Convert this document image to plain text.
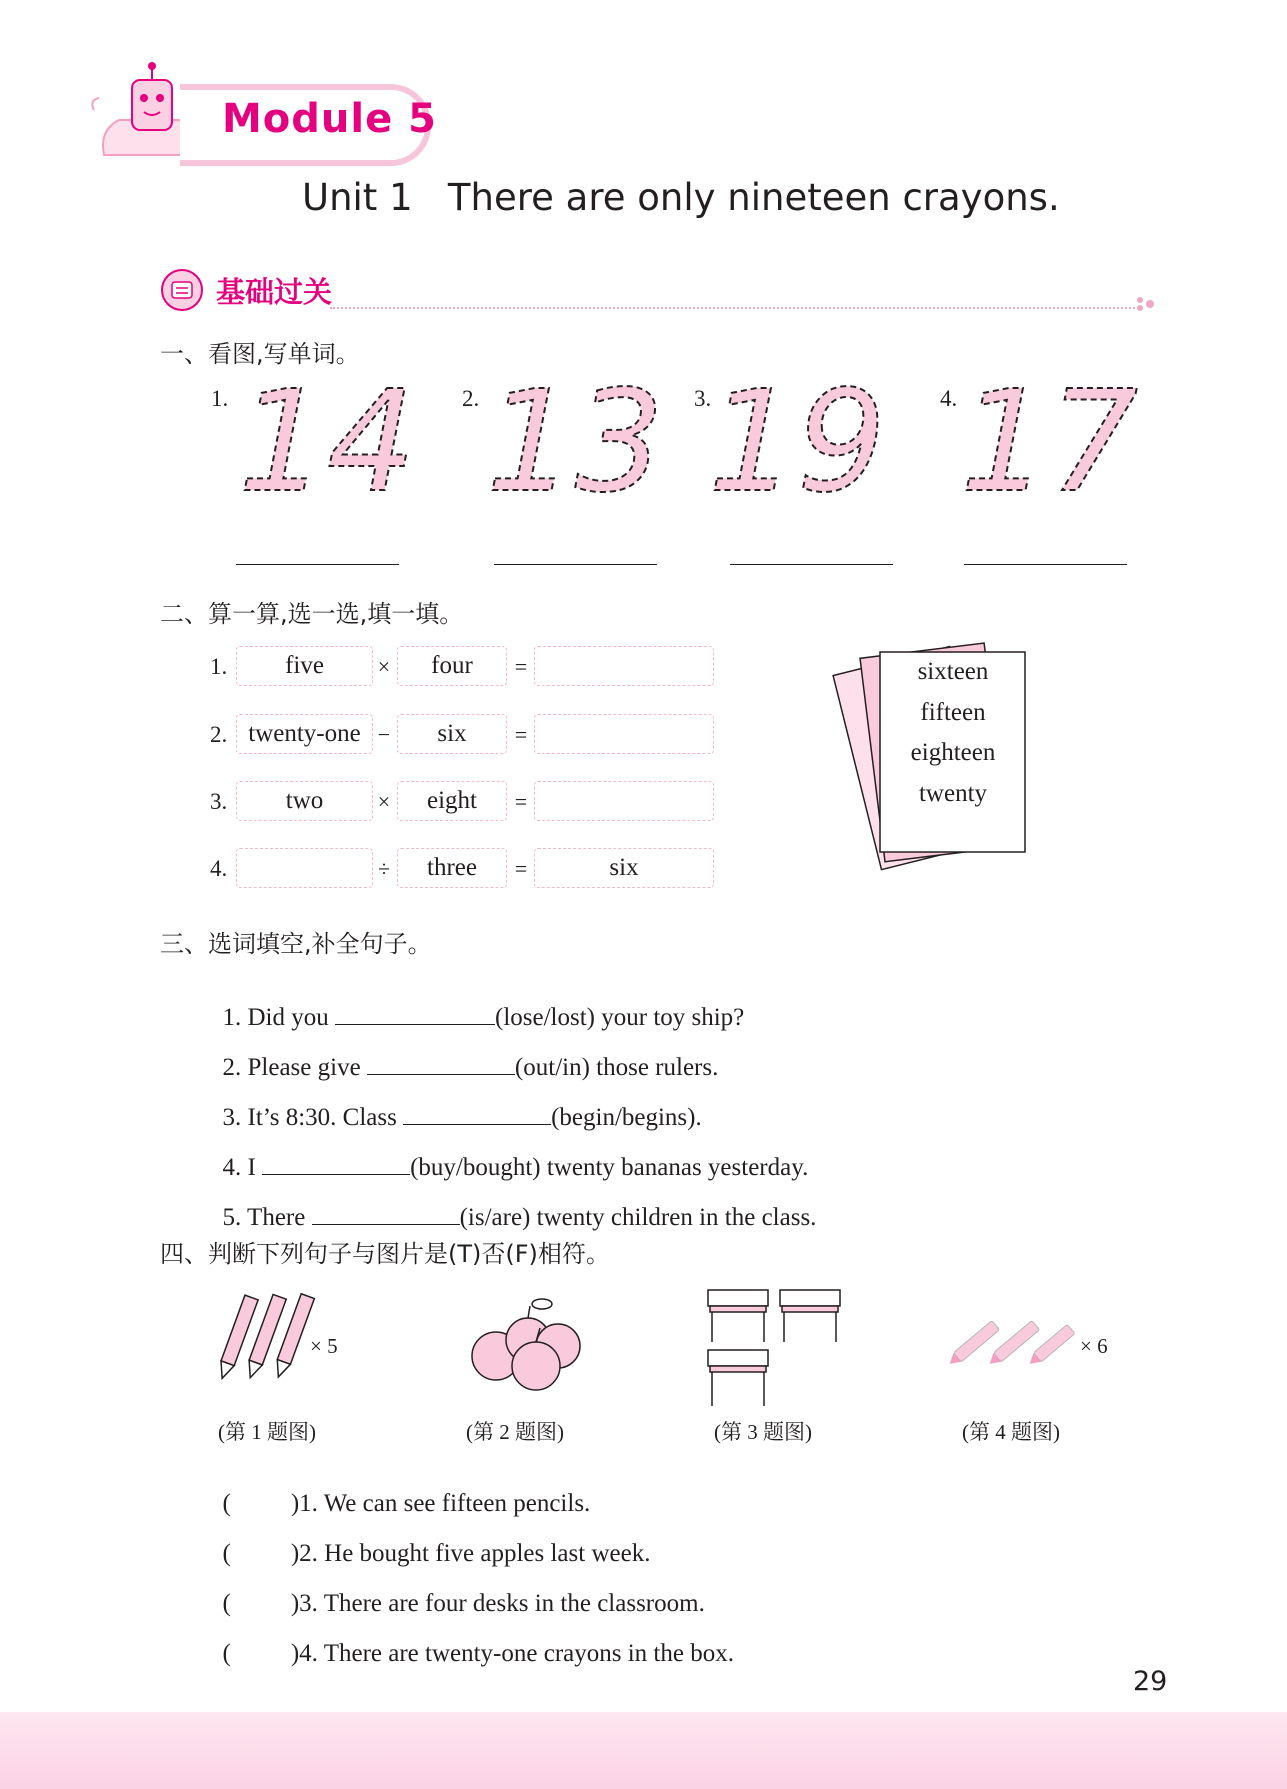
Module 5
Unit 1   There are only nineteen crayons.
基础过关
一、看图,写单词。
1.	2.	3.	4.
14 13 19 17
二、算一算,选一选,填一填。
1.	five	×	four	=
2. twenty-one −	six	=
3.	two	×	eight	=
4.	÷	three	=	six
sixteen
fifteen
eighteen
twenty
三、选词填空,补全句子。

1. Did you	(lose/lost) your toy ship?

2. Please give	(out/in) those rulers.

3. It’s 8:30. Class	(begin/begins).

4. I	(buy/bought) twenty bananas yesterday.

5. There	(is/are) twenty children in the class.

四、判断下列句子与图片是(T)否(F)相符。
× 5	× 6
(第 1 题图)	(第 2 题图)	(第 3 题图)	(第 4 题图)

( )1. We can see fifteen pencils.

( )2. He bought five apples last week.

( )3. There are four desks in the classroom.

( )4. There are twenty-one crayons in the box.

29
